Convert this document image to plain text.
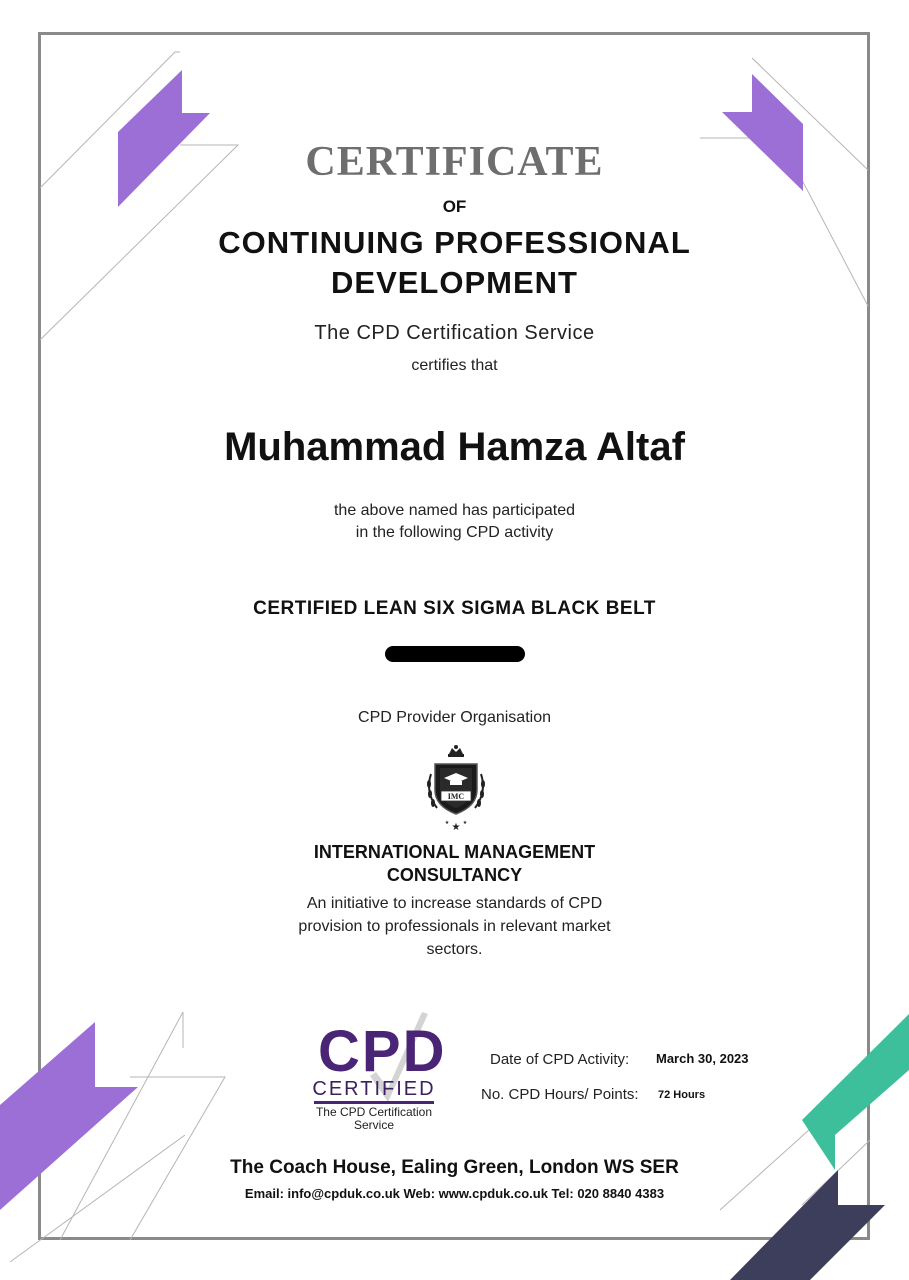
CERTIFICATE
OF
CONTINUING PROFESSIONAL
DEVELOPMENT
The CPD Certification Service
certifies that
Muhammad Hamza Altaf
the above named has participated
in the following CPD activity
CERTIFIED LEAN SIX SIGMA BLACK BELT
CPD Provider Organisation
IMC
★
★	★
INTERNATIONAL MANAGEMENT
CONSULTANCY
An initiative to increase standards of CPD
provision to professionals in relevant market
sectors.
CPD
CERTIFIED
The CPD Certification
Service
Date of CPD Activity: March 30, 2023
No. CPD Hours/ Points: 72 Hours
The Coach House, Ealing Green, London WS SER
Email: info@cpduk.co.uk Web: www.cpduk.co.uk Tel: 020 8840 4383
